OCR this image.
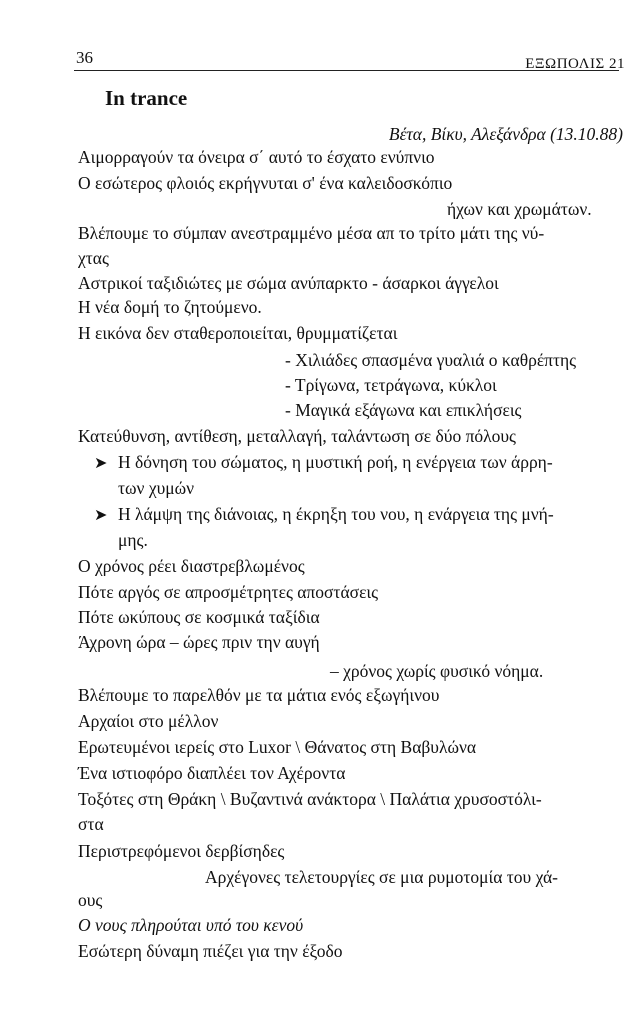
36	ΕΞΩΠΟΛΙΣ 21
In trance
Βέτα, Βίκυ, Αλεξάνδρα (13.10.88)
Αιμορραγούν τα όνειρα σ΄ αυτό το έσχατο ενύπνιο
Ο εσώτερος φλοιός εκρήγνυται σ' ένα καλειδοσκόπιο
ήχων και χρωμάτων.
Βλέπουμε το σύμπαν ανεστραμμένο μέσα απ το τρίτο μάτι της νύ-
χτας
Αστρικοί ταξιδιώτες με σώμα ανύπαρκτο - άσαρκοι άγγελοι
Η νέα δομή το ζητούμενο.
Η εικόνα δεν σταθεροποιείται, θρυμματίζεται
- Χιλιάδες σπασμένα γυαλιά ο καθρέπτης
- Τρίγωνα, τετράγωνα, κύκλοι
- Μαγικά εξάγωνα και επικλήσεις
Κατεύθυνση, αντίθεση, μεταλλαγή, ταλάντωση σε δύο πόλους
➤ Η δόνηση του σώματος, η μυστική ροή, η ενέργεια των άρρη-
των χυμών
➤ Η λάμψη της διάνοιας, η έκρηξη του νου, η ενάργεια της μνή-
μης.
Ο χρόνος ρέει διαστρεβλωμένος
Πότε αργός σε απροσμέτρητες αποστάσεις
Πότε ωκύπους σε κοσμικά ταξίδια
Άχρονη ώρα – ώρες πριν την αυγή
– χρόνος χωρίς φυσικό νόημα.
Βλέπουμε το παρελθόν με τα μάτια ενός εξωγήινου
Αρχαίοι στο μέλλον
Ερωτευμένοι ιερείς στο Luxor \ Θάνατος στη Βαβυλώνα
Ένα ιστιοφόρο διαπλέει τον Αχέροντα
Τοξότες στη Θράκη \ Βυζαντινά ανάκτορα \ Παλάτια χρυσοστόλι-
στα
Περιστρεφόμενοι δερβίσηδες
Αρχέγονες τελετουργίες σε μια ρυμοτομία του χά-
ους
Ο νους πληρούται υπό του κενού
Εσώτερη δύναμη πιέζει για την έξοδο
